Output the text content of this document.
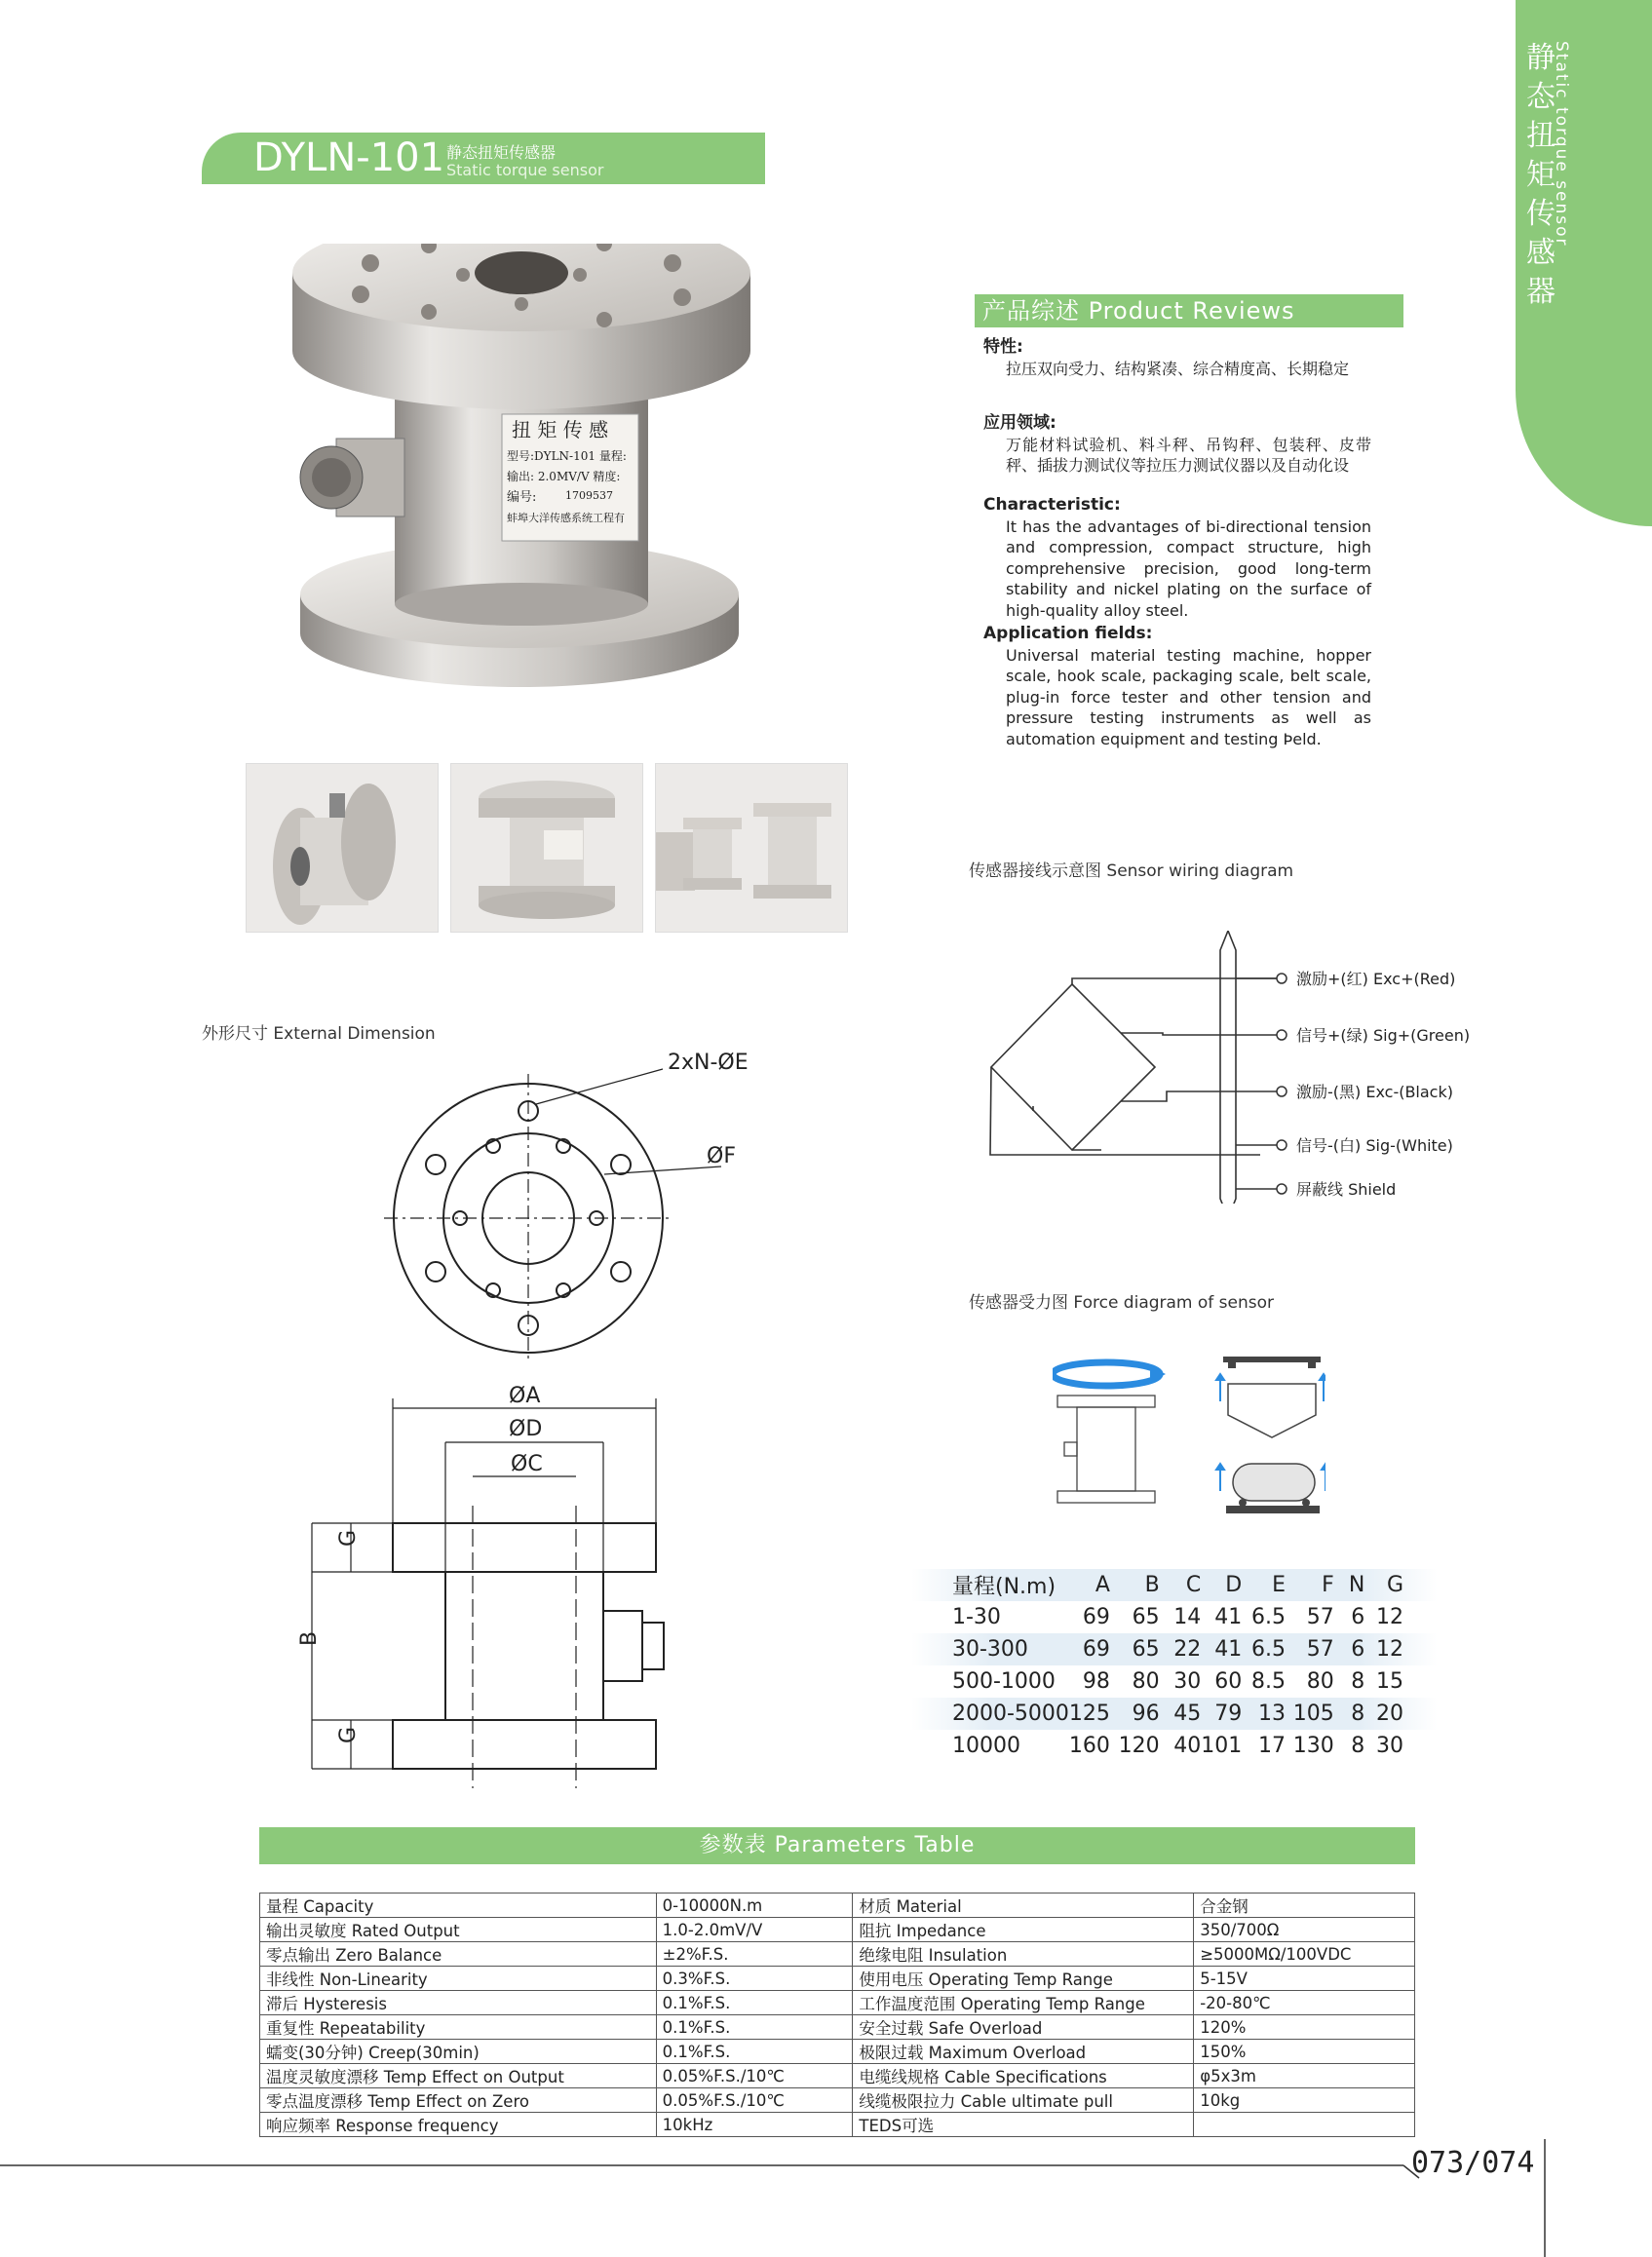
静态扭矩传感器
Static torque sensor
DYLN-101 静态扭矩传感器
Static torque sensor
扭 矩 传 感
型号:DYLN-101 量程:
输出: 2.0MV/V 精度:
编号:	1709537
蚌埠大洋传感系统工程有
产品综述 Product Reviews
特性:
拉压双向受力、结构紧凑、综合精度高、长期稳定
应用领域:
万能材料试验机、料斗秤、吊钩秤、包装秤、皮带秤、插拔力测试仪等拉压力测试仪器以及自动化设
Characteristic:
It has the advantages of bi-directional tension and compression, compact structure, high comprehensive precision, good long-term stability and nickel plating on the surface of high-quality alloy steel.
Application fields:
Universal material testing machine, hopper scale, hook scale, packaging scale, belt scale, plug-in force tester and other tension and pressure testing instruments as well as automation equipment and testing Þeld.
传感器接线示意图 Sensor wiring diagram
激励+(红) Exc+(Red)
信号+(绿) Sig+(Green)
激励-(黑) Exc-(Black)
信号-(白) Sig-(White)
屏蔽线 Shield
传感器受力图 Force diagram of sensor
外形尺寸 External Dimension
2xN-ØE
ØF
ØA
ØD
ØC
B
G
G
量程(N.m)	A	B	C	D	E	F	N	G
1-30	69	65	14	41	6.5	57	6	12
30-300	69	65	22	41	6.5	57	6	12
500-1000	98	80	30	60	8.5	80	8	15
2000-5000	125	96	45	79	13	105	8	20
10000	160	120	40	101	17	130	8	30
参数表 Parameters Table
量程 Capacity	0-10000N.m	材质 Material	合金钢
输出灵敏度 Rated Output	1.0-2.0mV/V	阻抗 Impedance	350/700Ω
零点输出 Zero Balance	±2%F.S.	绝缘电阻 Insulation	≥5000MΩ/100VDC
非线性 Non-Linearity	0.3%F.S.	使用电压 Operating Temp Range	5-15V
滞后 Hysteresis	0.1%F.S.	工作温度范围 Operating Temp Range	-20-80℃
重复性 Repeatability	0.1%F.S.	安全过载 Safe Overload	120%
蠕变(30分钟) Creep(30min)	0.1%F.S.	极限过载 Maximum Overload	150%
温度灵敏度漂移 Temp Effect on Output	0.05%F.S./10℃	电缆线规格 Cable Specifications	φ5x3m
零点温度漂移 Temp Effect on Zero	0.05%F.S./10℃	线缆极限拉力 Cable ultimate pull	10kg
响应频率 Response frequency	10kHz	TEDS可选	
073/074
